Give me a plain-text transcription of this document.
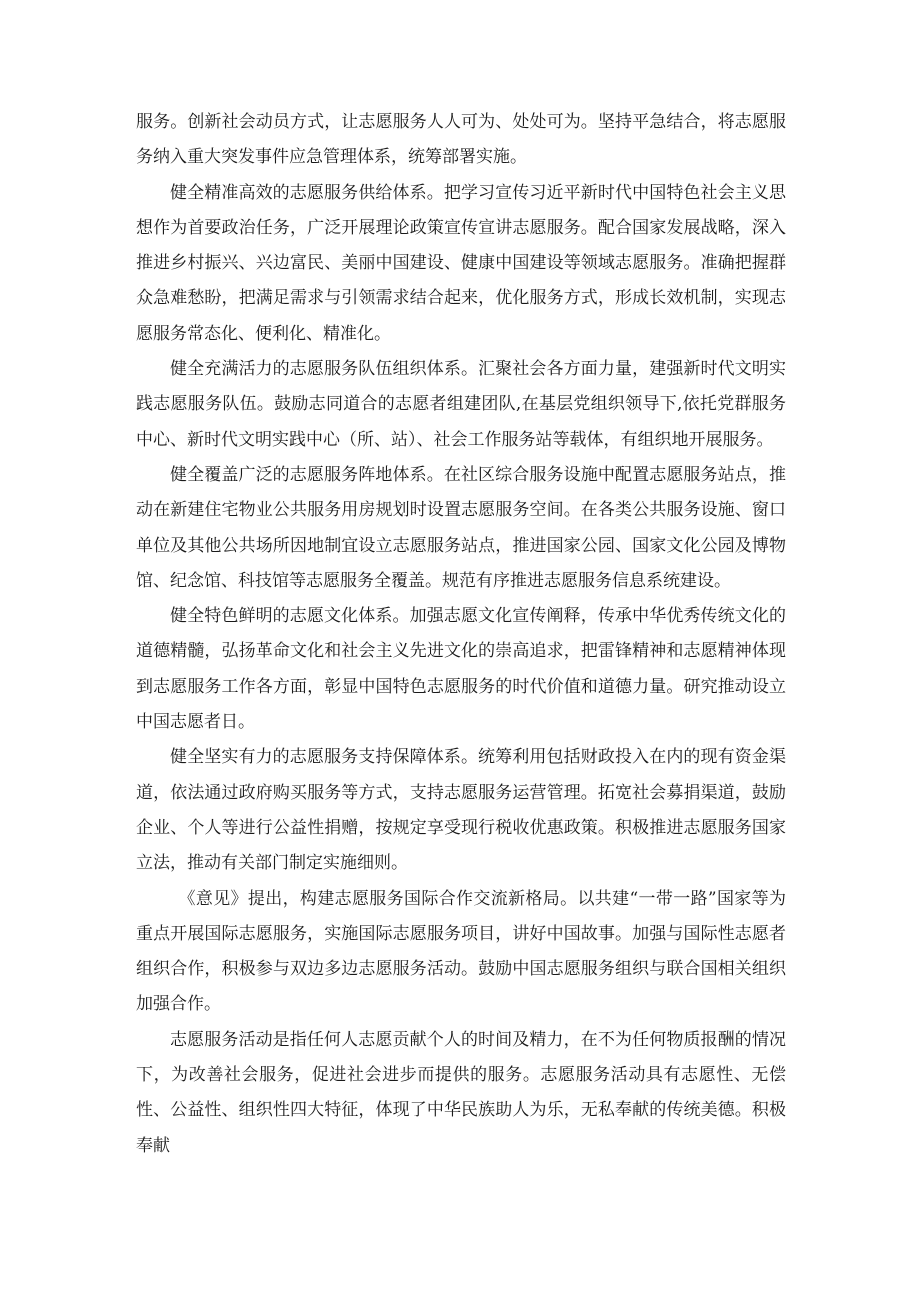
服务。创新社会动员方式，让志愿服务人人可为、处处可为。坚持平急结合，将志愿服务纳入重大突发事件应急管理体系，统筹部署实施。

健全精准高效的志愿服务供给体系。把学习宣传习近平新时代中国特色社会主义思想作为首要政治任务，广泛开展理论政策宣传宣讲志愿服务。配合国家发展战略，深入推进乡村振兴、兴边富民、美丽中国建设、健康中国建设等领域志愿服务。准确把握群众急难愁盼，把满足需求与引领需求结合起来，优化服务方式，形成长效机制，实现志愿服务常态化、便利化、精准化。

健全充满活力的志愿服务队伍组织体系。汇聚社会各方面力量，建强新时代文明实践志愿服务队伍。鼓励志同道合的志愿者组建团队,在基层党组织领导下,依托党群服务中心、新时代文明实践中心（所、站）、社会工作服务站等载体，有组织地开展服务。

健全覆盖广泛的志愿服务阵地体系。在社区综合服务设施中配置志愿服务站点，推动在新建住宅物业公共服务用房规划时设置志愿服务空间。在各类公共服务设施、窗口单位及其他公共场所因地制宜设立志愿服务站点，推进国家公园、国家文化公园及博物馆、纪念馆、科技馆等志愿服务全覆盖。规范有序推进志愿服务信息系统建设。

健全特色鲜明的志愿文化体系。加强志愿文化宣传阐释，传承中华优秀传统文化的道德精髓，弘扬革命文化和社会主义先进文化的崇高追求，把雷锋精神和志愿精神体现到志愿服务工作各方面，彰显中国特色志愿服务的时代价值和道德力量。研究推动设立中国志愿者日。

健全坚实有力的志愿服务支持保障体系。统筹利用包括财政投入在内的现有资金渠道，依法通过政府购买服务等方式，支持志愿服务运营管理。拓宽社会募捐渠道，鼓励企业、个人等进行公益性捐赠，按规定享受现行税收优惠政策。积极推进志愿服务国家立法，推动有关部门制定实施细则。

《意见》提出，构建志愿服务国际合作交流新格局。以共建“一带一路”国家等为重点开展国际志愿服务，实施国际志愿服务项目，讲好中国故事。加强与国际性志愿者组织合作，积极参与双边多边志愿服务活动。鼓励中国志愿服务组织与联合国相关组织加强合作。

志愿服务活动是指任何人志愿贡献个人的时间及精力，在不为任何物质报酬的情况下，为改善社会服务，促进社会进步而提供的服务。志愿服务活动具有志愿性、无偿性、公益性、组织性四大特征，体现了中华民族助人为乐，无私奉献的传统美德。积极奉献
